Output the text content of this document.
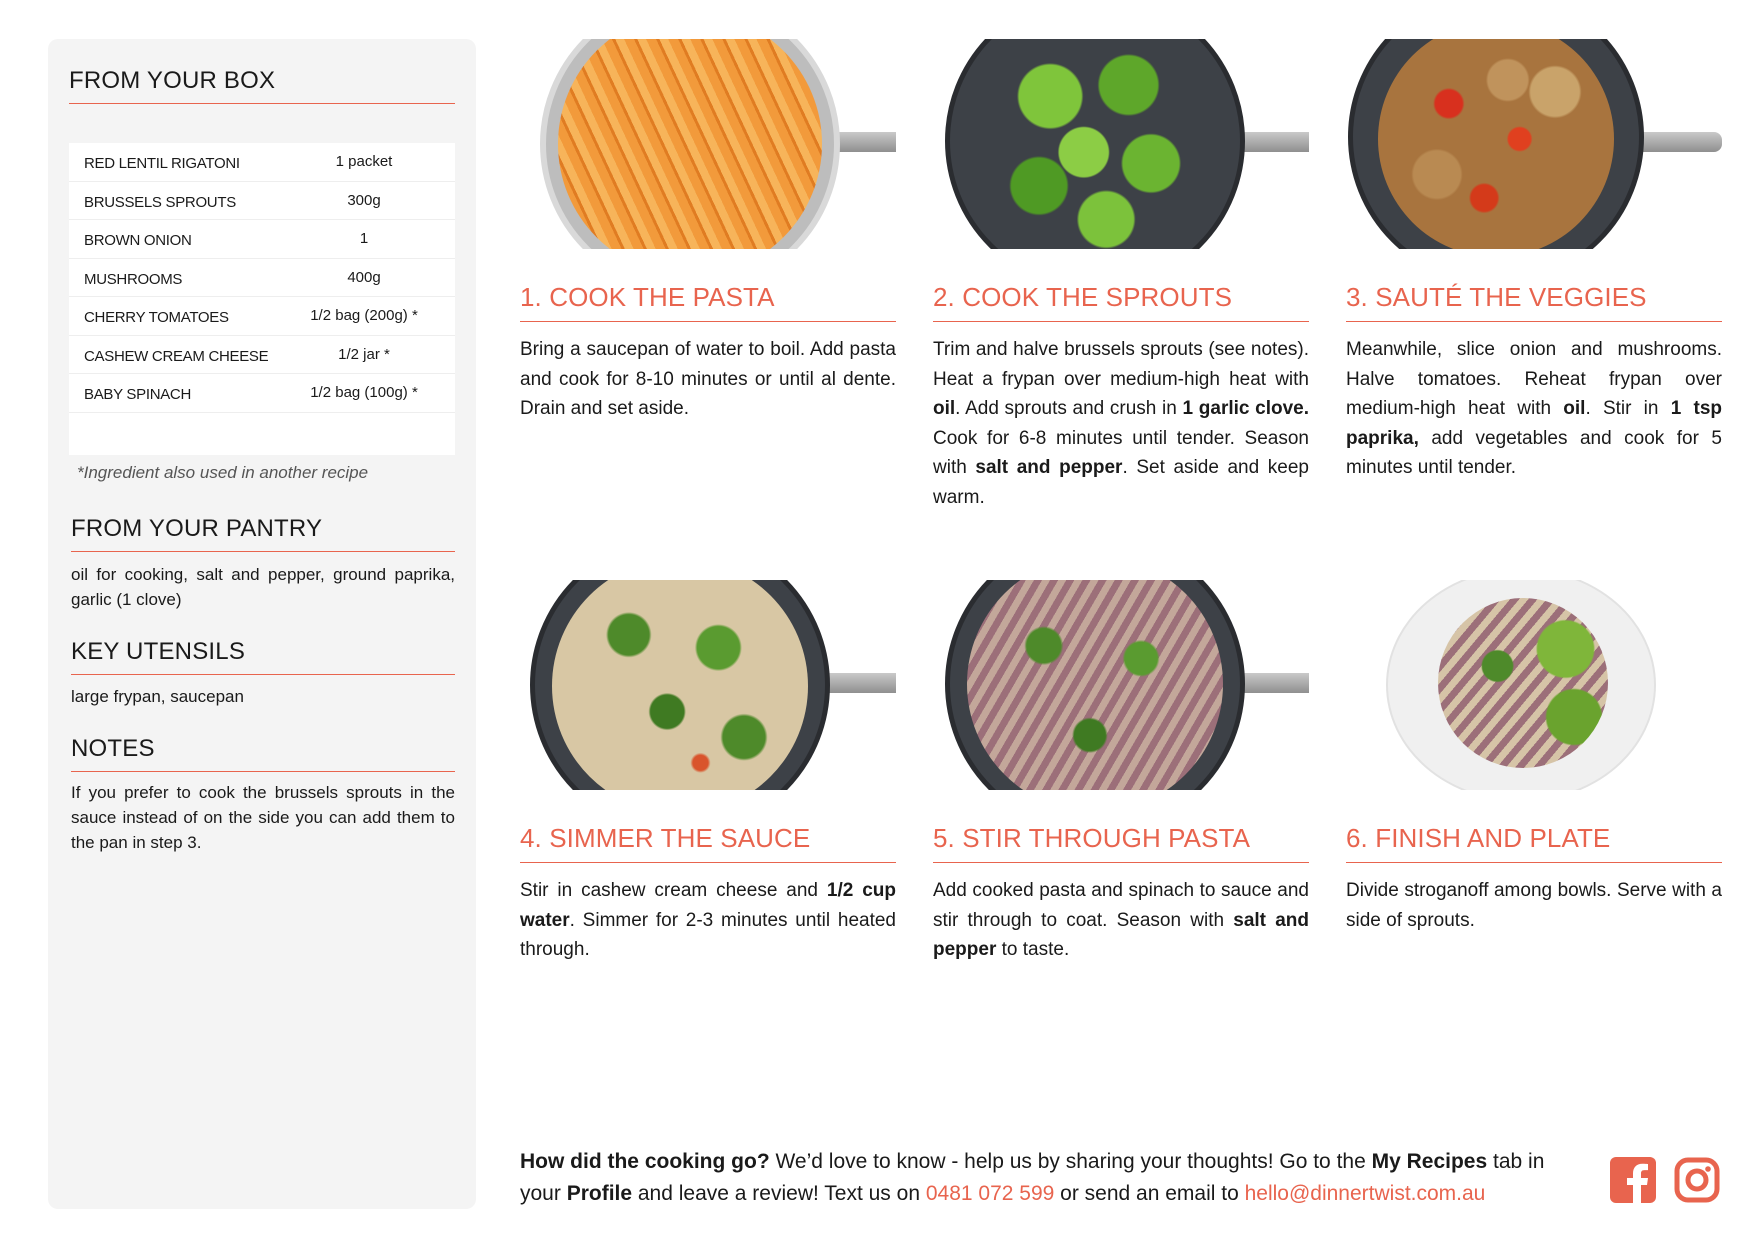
FROM YOUR BOX
RED LENTIL RIGATONI	1 packet
BRUSSELS SPROUTS	300g
BROWN ONION	1
MUSHROOMS	400g
CHERRY TOMATOES	1/2 bag (200g) *
CASHEW CREAM CHEESE	1/2 jar *
BABY SPINACH	1/2 bag (100g) *
*Ingredient also used in another recipe
FROM YOUR PANTRY
oil for cooking, salt and pepper, ground paprika, garlic (1 clove)
KEY UTENSILS
large frypan, saucepan
NOTES
If you prefer to cook the brussels sprouts in the sauce instead of on the side you can add them to the pan in step 3.
1. COOK THE PASTA
Bring a saucepan of water to boil. Add pasta and cook for 8-10 minutes or until al dente. Drain and set aside.
2. COOK THE SPROUTS
Trim and halve brussels sprouts (see notes). Heat a frypan over medium-high heat with oil. Add sprouts and crush in 1 garlic clove. Cook for 6-8 minutes until tender. Season with salt and pepper. Set aside and keep warm.
3. SAUTÉ THE VEGGIES
Meanwhile, slice onion and mushrooms. Halve tomatoes. Reheat frypan over medium-high heat with oil. Stir in 1 tsp paprika, add vegetables and cook for 5 minutes until tender.
4. SIMMER THE SAUCE
Stir in cashew cream cheese and 1/2 cup water. Simmer for 2-3 minutes until heated through.
5. STIR THROUGH PASTA
Add cooked pasta and spinach to sauce and stir through to coat. Season with salt and pepper to taste.
6. FINISH AND PLATE
Divide stroganoff among bowls. Serve with a side of sprouts.
How did the cooking go? We’d love to know - help us by sharing your thoughts! Go to the My Recipes tab in your Profile and leave a review! Text us on 0481 072 599 or send an email to hello@dinnertwist.com.au
